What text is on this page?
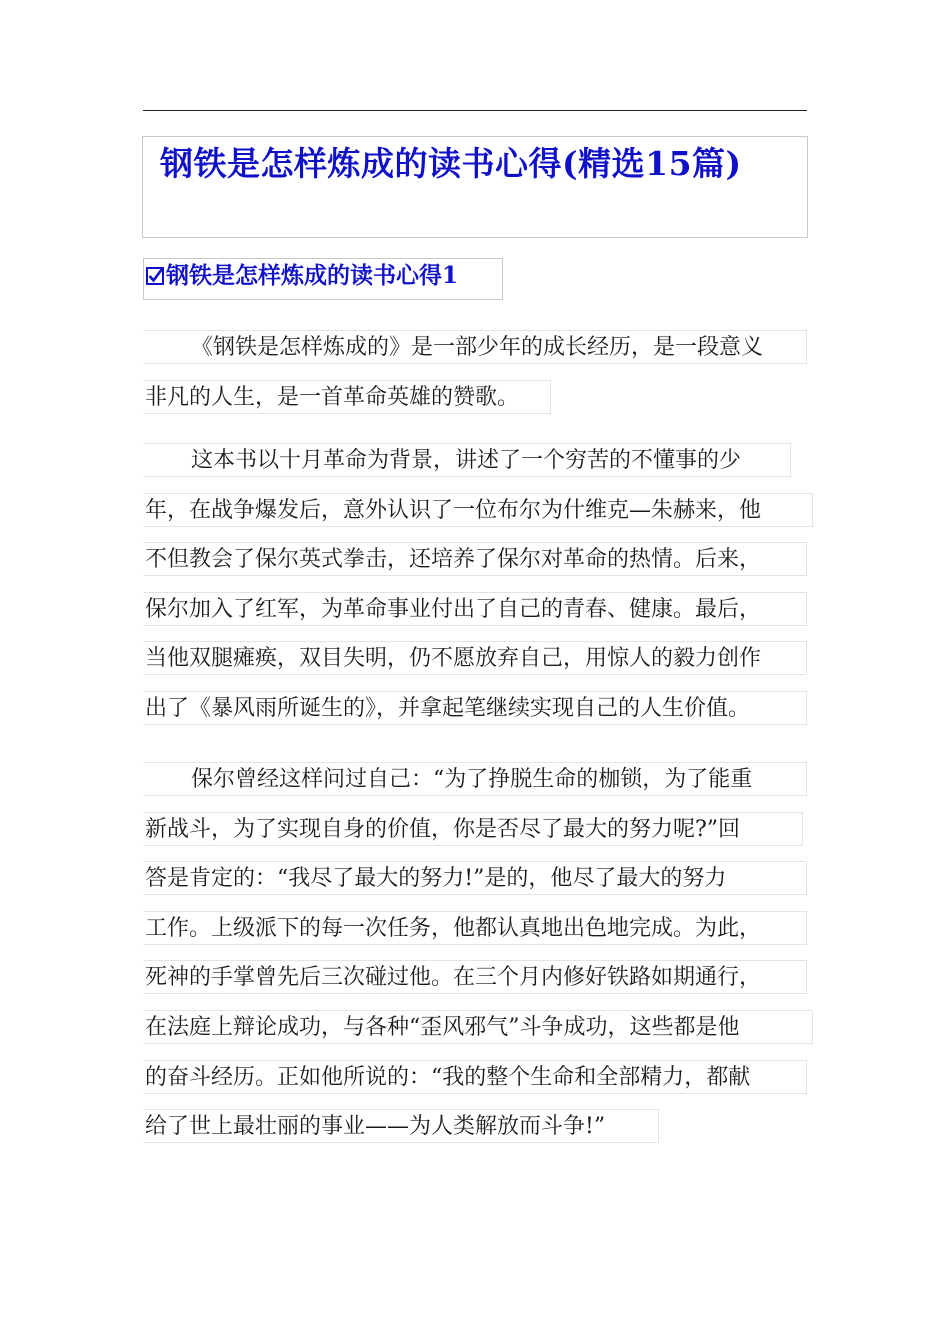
钢铁是怎样炼成的读书心得(精选15篇)
钢铁是怎样炼成的读书心得1
《钢铁是怎样炼成的》是一部少年的成长经历，是一段意义
非凡的人生，是一首革命英雄的赞歌。
这本书以十月革命为背景，讲述了一个穷苦的不懂事的少
年，在战争爆发后，意外认识了一位布尔为什维克—朱赫来，他
不但教会了保尔英式拳击，还培养了保尔对革命的热情。后来，
保尔加入了红军，为革命事业付出了自己的青春、健康。最后，
当他双腿瘫痪，双目失明，仍不愿放弃自己，用惊人的毅力创作
出了《暴风雨所诞生的》，并拿起笔继续实现自己的人生价值。
保尔曾经这样问过自己：“为了挣脱生命的枷锁，为了能重
新战斗，为了实现自身的价值，你是否尽了最大的努力呢?”回
答是肯定的：“我尽了最大的努力!”是的，他尽了最大的努力
工作。上级派下的每一次任务，他都认真地出色地完成。为此，
死神的手掌曾先后三次碰过他。在三个月内修好铁路如期通行，
在法庭上辩论成功，与各种“歪风邪气”斗争成功，这些都是他
的奋斗经历。正如他所说的：“我的整个生命和全部精力，都献
给了世上最壮丽的事业——为人类解放而斗争!”
